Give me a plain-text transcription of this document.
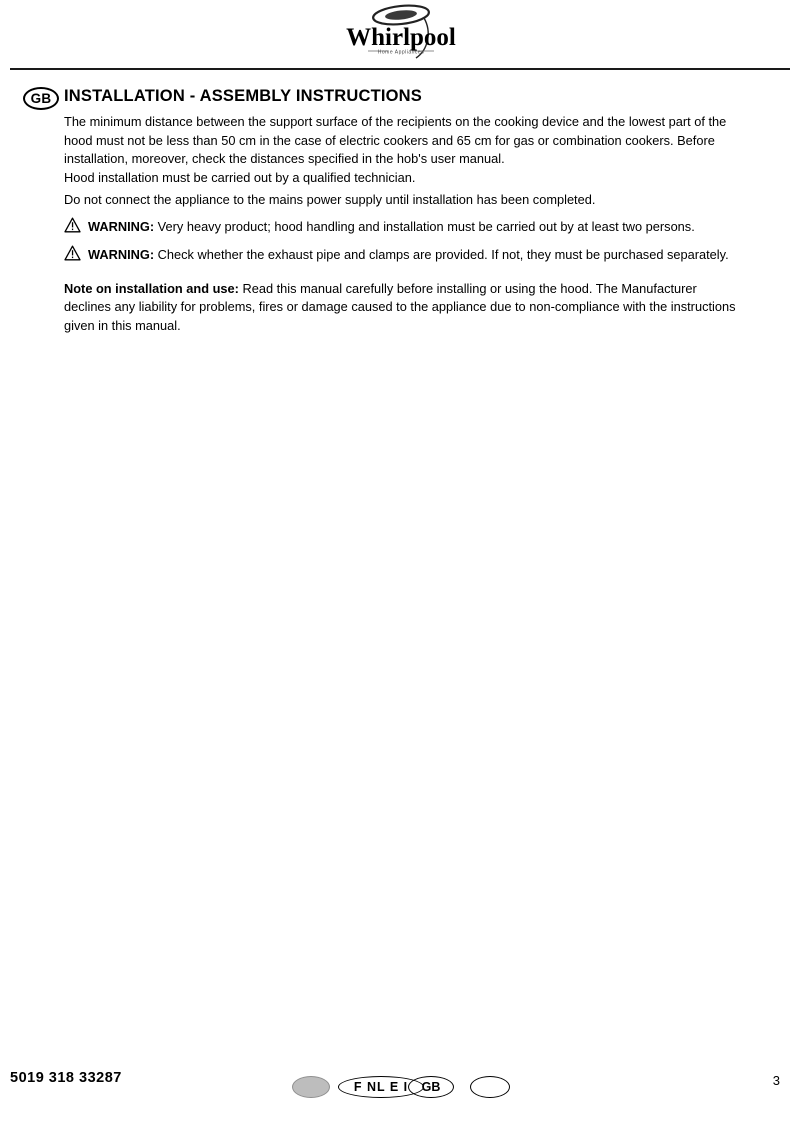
Whirlpool
Home Appliances
GB INSTALLATION - ASSEMBLY INSTRUCTIONS

The minimum distance between the support surface of the recipients on the cooking device and the lowest part of the hood must not be less than 50 cm in the case of electric cookers and 65 cm for gas or combination cookers. Before installation, moreover, check the distances specified in the hob's user manual.

Hood installation must be carried out by a qualified technician.

Do not connect the appliance to the mains power supply until installation has been completed.

WARNING: Very heavy product; hood handling and installation must be carried out by at least two persons.

WARNING: Check whether the exhaust pipe and clamps are provided. If not, they must be purchased separately.

Note on installation and use: Read this manual carefully before installing or using the hood. The Manufacturer declines any liability for problems, fires or damage caused to the appliance due to non-compliance with the instructions given in this manual.

5019 318 33287
F NL E I GB	3
